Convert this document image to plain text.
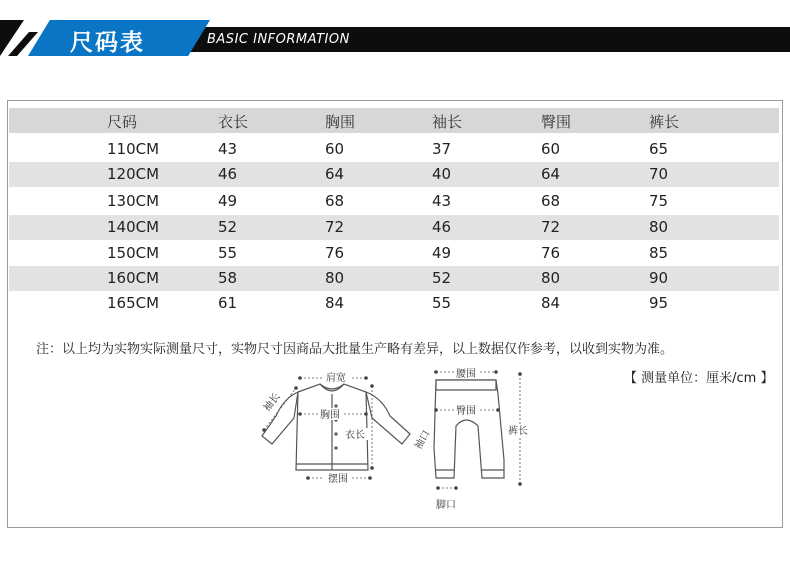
尺码表	BASIC INFORMATION
尺码	衣长	胸围	袖长	臀围	裤长
110CM	43	60	37	60	65
120CM	46	64	40	64	70
130CM	49	68	43	68	75
140CM	52	72	46	72	80
150CM	55	76	49	76	85
160CM	58	80	52	80	90
165CM	61	84	55	84	95
注：以上均为实物实际测量尺寸，实物尺寸因商品大批量生产略有差异，以上数据仅作参考，以收到实物为准。
【 测量单位：厘米/cm 】
肩宽
胸围
摆围
衣长
袖长
袖口
腰围
臀围
裤长
脚口
